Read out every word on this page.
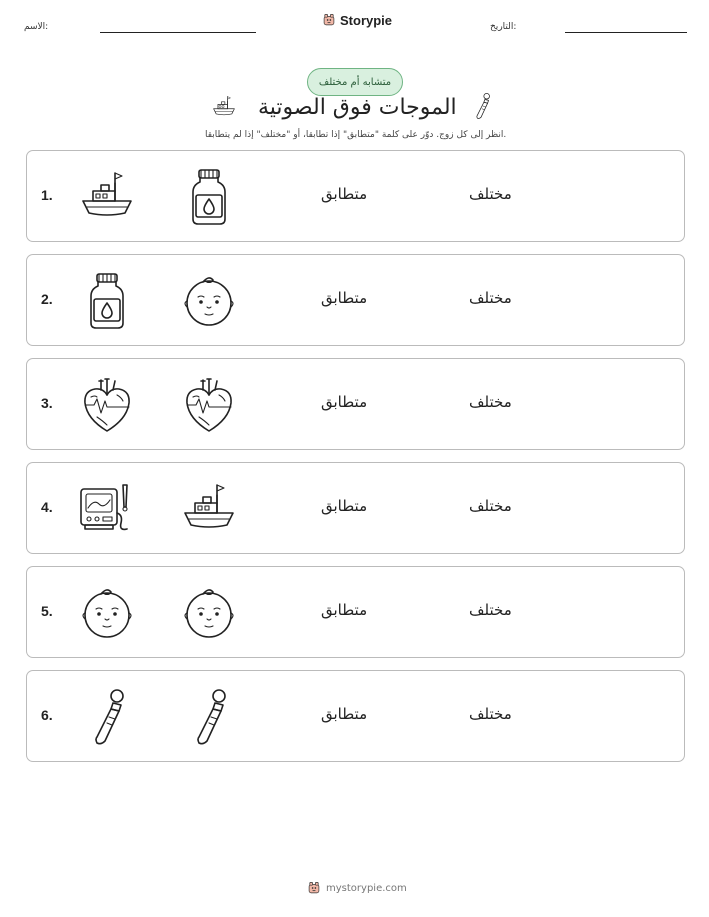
الاسم:	Storypie	التاريخ:
متشابه أم مختلف
الموجات فوق الصوتية
انظر إلى كل زوج. دوّر على كلمة "متطابق" إذا تطابقا، أو "مختلف" إذا لم يتطابقا.
1.	متطابق	مختلف
2.	متطابق	مختلف
3.	متطابق	مختلف
4.	متطابق	مختلف
5.	متطابق	مختلف
6.	متطابق	مختلف
mystorypie.com
